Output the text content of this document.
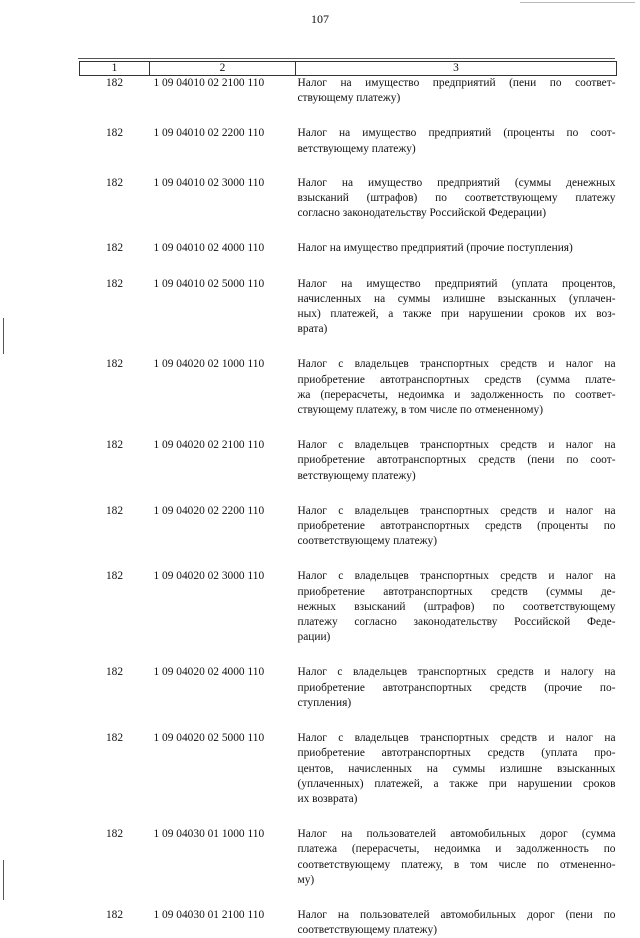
107
1	2	3
182	1 09 04010 02 2100 110	Налог на имущество предприятий (пени по соответ-
ствующему платежу)

182	1 09 04010 02 2200 110	Налог на имущество предприятий (проценты по соот-
ветствующему платежу)

182	1 09 04010 02 3000 110	Налог на имущество предприятий (суммы денежных
взысканий (штрафов) по соответствующему платежу
согласно законодательству Российской Федерации)

182	1 09 04010 02 4000 110	Налог на имущество предприятий (прочие поступления)

182	1 09 04010 02 5000 110	Налог на имущество предприятий (уплата процентов,
начисленных на суммы излишне взысканных (уплачен-
ных) платежей, а также при нарушении сроков их воз-
врата)

182	1 09 04020 02 1000 110	Налог с владельцев транспортных средств и налог на
приобретение автотранспортных средств (сумма плате-
жа (перерасчеты, недоимка и задолженность по соответ-
ствующему платежу, в том числе по отмененному)

182	1 09 04020 02 2100 110	Налог с владельцев транспортных средств и налог на
приобретение автотранспортных средств (пени по соот-
ветствующему платежу)

182	1 09 04020 02 2200 110	Налог с владельцев транспортных средств и налог на
приобретение автотранспортных средств (проценты по
соответствующему платежу)

182	1 09 04020 02 3000 110	Налог с владельцев транспортных средств и налог на
приобретение автотранспортных средств (суммы де-
нежных взысканий (штрафов) по соответствующему
платежу согласно законодательству Российской Феде-
рации)

182	1 09 04020 02 4000 110	Налог с владельцев транспортных средств и налогу на
приобретение автотранспортных средств (прочие по-
ступления)

182	1 09 04020 02 5000 110	Налог с владельцев транспортных средств и налог на
приобретение автотранспортных средств (уплата про-
центов, начисленных на суммы излишне взысканных
(уплаченных) платежей, а также при нарушении сроков
их возврата)

182	1 09 04030 01 1000 110	Налог на пользователей автомобильных дорог (сумма
платежа (перерасчеты, недоимка и задолженность по
соответствующему платежу, в том числе по отмененно-
му)

182	1 09 04030 01 2100 110	Налог на пользователей автомобильных дорог (пени по
соответствующему платежу)
